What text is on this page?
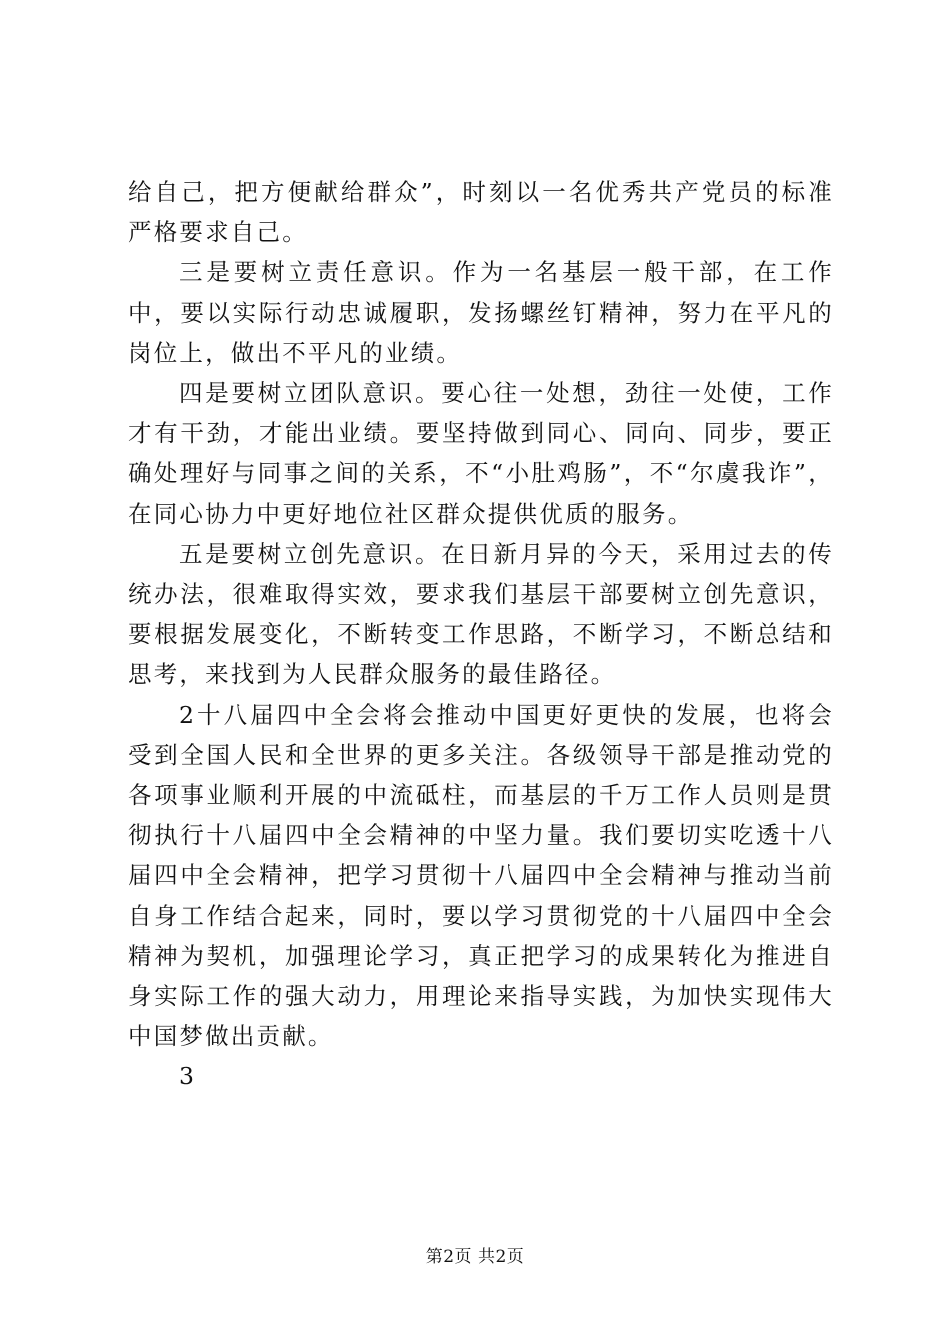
给自己，把方便献给群众”，时刻以一名优秀共产党员的标准严格要求自己。

三是要树立责任意识。作为一名基层一般干部，在工作中，要以实际行动忠诚履职，发扬螺丝钉精神，努力在平凡的岗位上，做出不平凡的业绩。

四是要树立团队意识。要心往一处想，劲往一处使，工作才有干劲，才能出业绩。要坚持做到同心、同向、同步，要正确处理好与同事之间的关系，不“小肚鸡肠”，不“尔虞我诈”，在同心协力中更好地位社区群众提供优质的服务。

五是要树立创先意识。在日新月异的今天，采用过去的传统办法，很难取得实效，要求我们基层干部要树立创先意识，要根据发展变化，不断转变工作思路，不断学习，不断总结和思考，来找到为人民群众服务的最佳路径。

2十八届四中全会将会推动中国更好更快的发展，也将会受到全国人民和全世界的更多关注。各级领导干部是推动党的各项事业顺利开展的中流砥柱，而基层的千万工作人员则是贯彻执行十八届四中全会精神的中坚力量。我们要切实吃透十八届四中全会精神，把学习贯彻十八届四中全会精神与推动当前自身工作结合起来，同时，要以学习贯彻党的十八届四中全会精神为契机，加强理论学习，真正把学习的成果转化为推进自身实际工作的强大动力，用理论来指导实践，为加快实现伟大中国梦做出贡献。

3

第2页 共2页
